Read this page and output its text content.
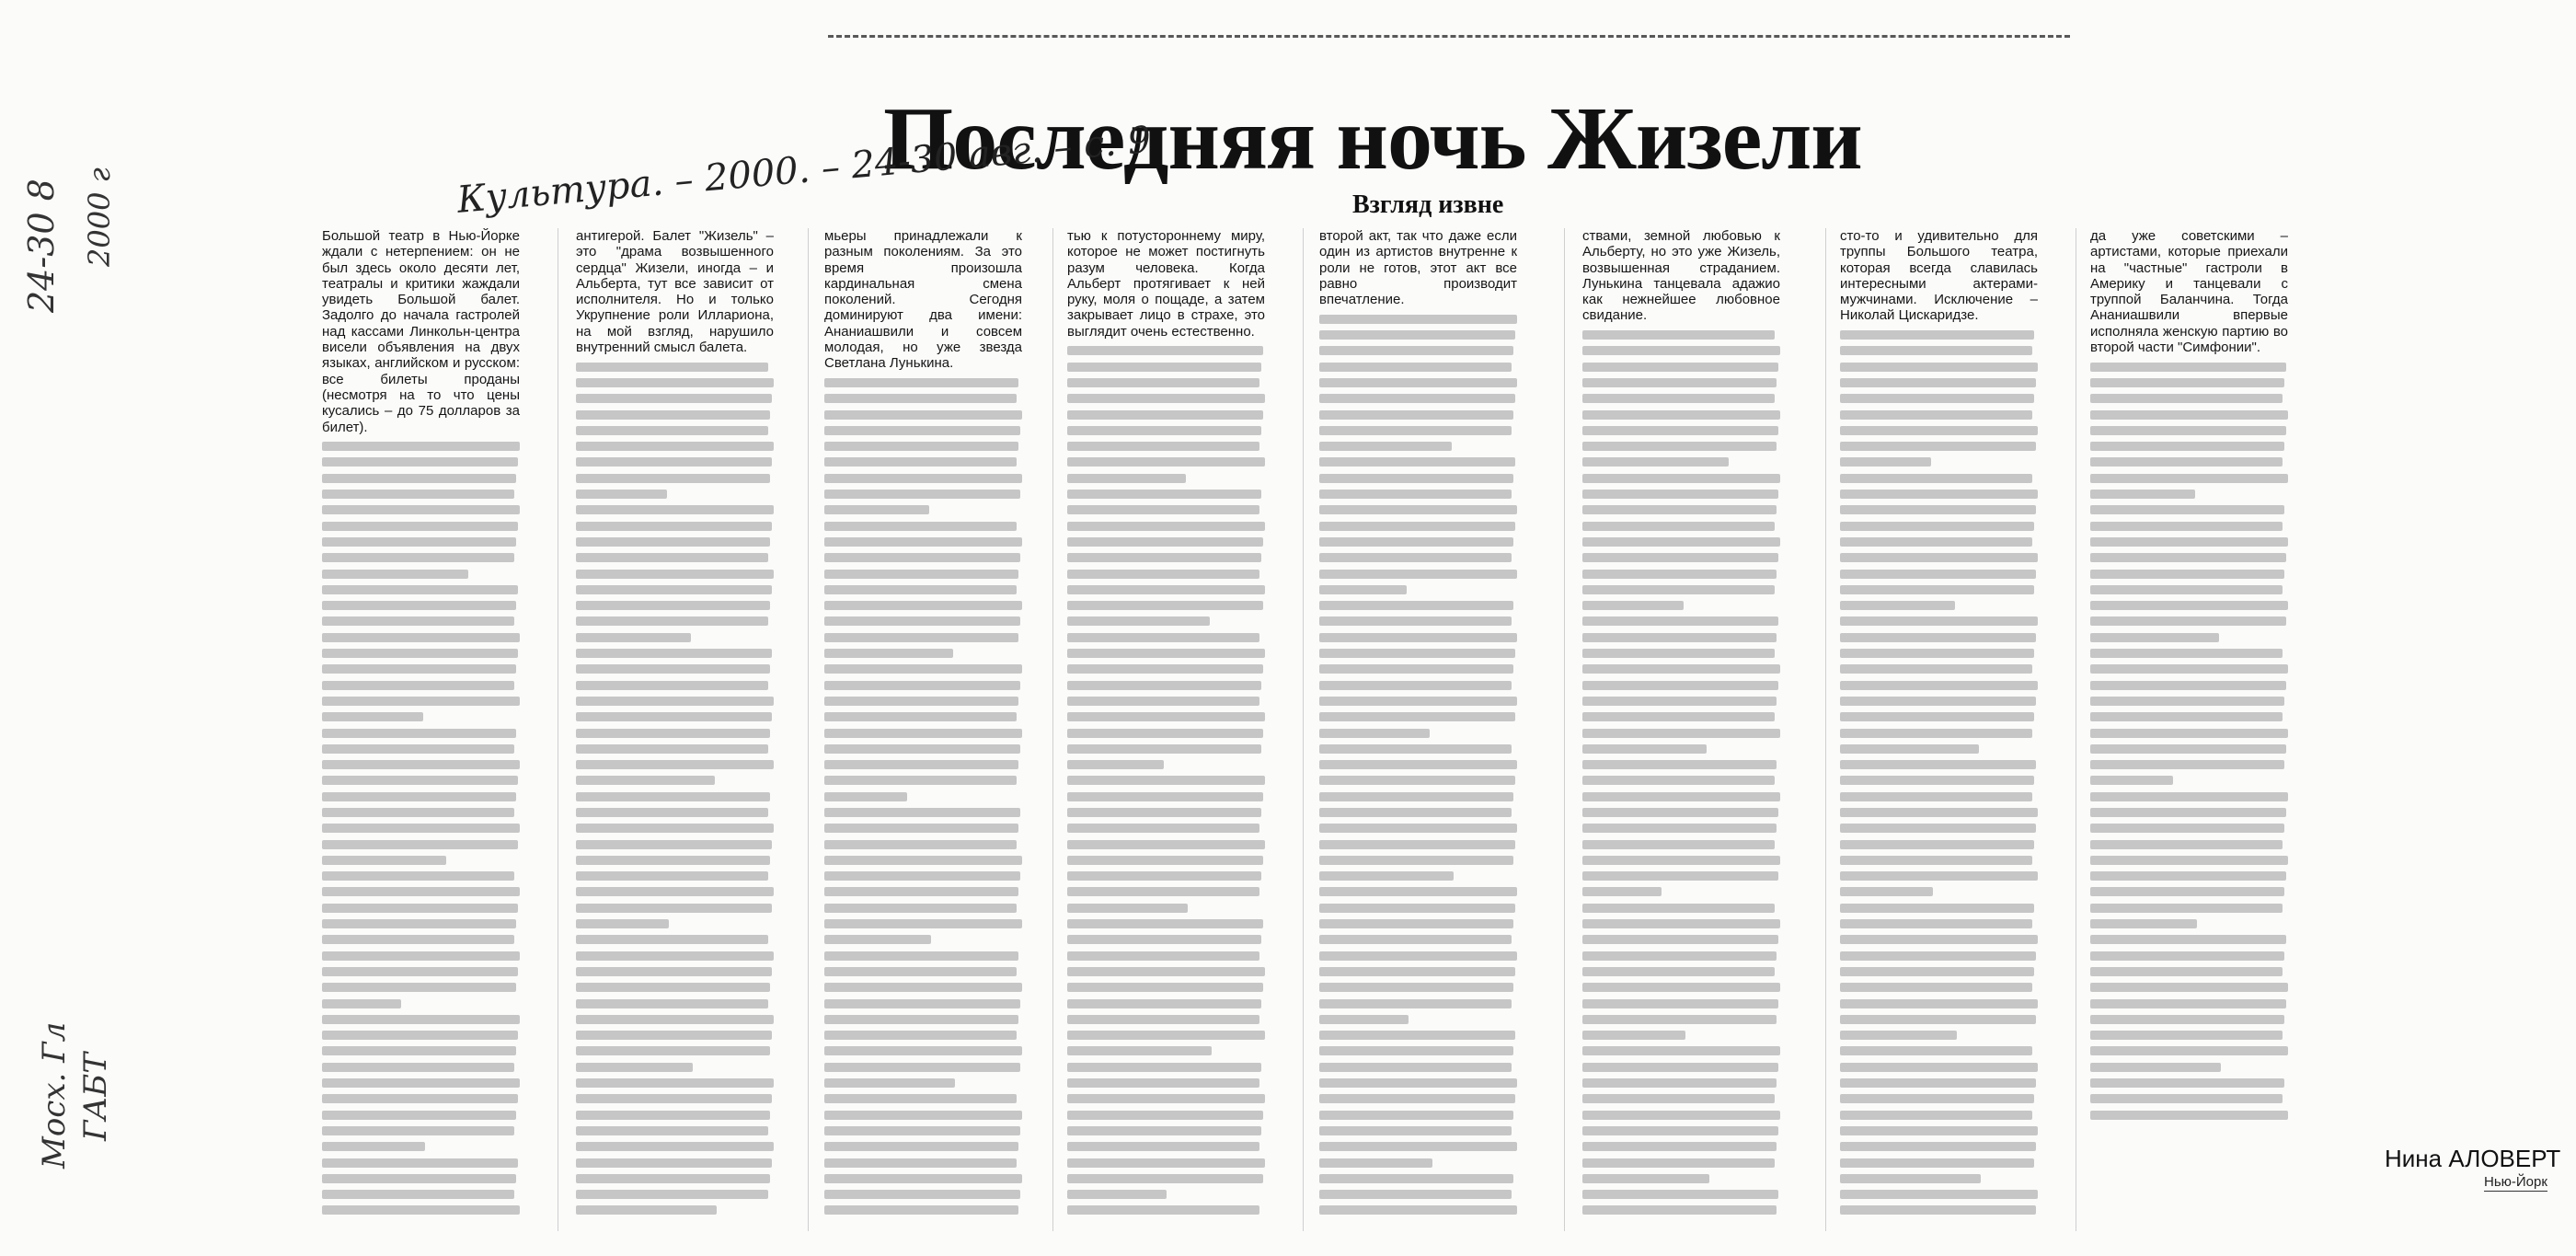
Последняя ночь Жизели
Взгляд извне
Культура. – 2000. – 24-30 авг. – с. 9
24-30 8 2000 г
Мосх. Гл ГАБТ
Большой театр в Нью-Йорке ждали с нетерпением: он не был здесь около десяти лет, театралы и критики жаждали увидеть Большой балет. Задолго до начала гастролей над кассами Линкольн-центра висели объявления на двух языках, английском и русском: все билеты проданы (несмотря на то что цены кусались – до 75 долларов за билет).
антигерой. Балет "Жизель" – это "драма возвышенного сердца" Жизели, иногда – и Альберта, тут все зависит от исполнителя. Но и только Укрупнение роли Иллариона, на мой взгляд, нарушило внутренний смысл балета.
мьеры принадлежали к разным поколениям. За это время произошла кардинальная смена поколений. Сегодня доминируют два имени: Ананиашвили и совсем молодая, но уже звезда Светлана Лунькина.
тью к потустороннему миру, которое не может постигнуть разум человека. Когда Альберт протягивает к ней руку, моля о пощаде, а затем закрывает лицо в страхе, это выглядит очень естественно.
второй акт, так что даже если один из артистов внутренне к роли не готов, этот акт все равно производит впечатление.
ствами, земной любовью к Альберту, но это уже Жизель, возвышенная страданием. Лунькина танцевала адажио как нежнейшее любовное свидание.
сто-то и удивительно для труппы Большого театра, которая всегда славилась интересными актерами-мужчинами. Исключение – Николай Цискаридзе.
да уже советскими – артистами, которые приехали на "частные" гастроли в Америку и танцевали с труппой Баланчина. Тогда Ананиашвили впервые исполняла женскую партию во второй части "Симфонии".
Нина АЛОВЕРТ
Нью-Йорк
